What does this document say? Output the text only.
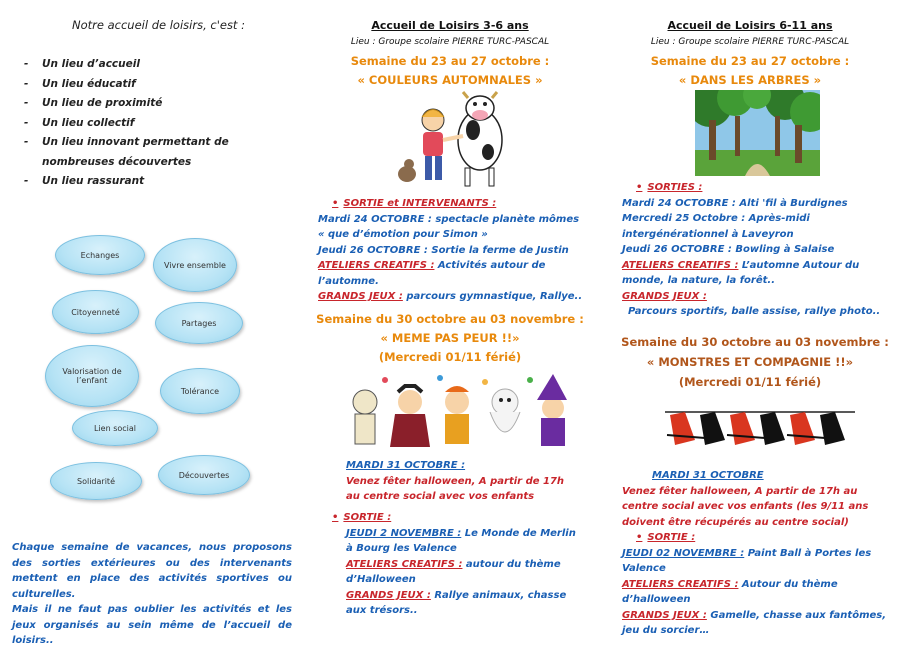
Notre accueil de loisirs, c'est :
- Un lieu d’accueil
- Un lieu éducatif
- Un lieu de proximité
- Un lieu collectif
- Un lieu innovant permettant de nombreuses découvertes
- Un lieu rassurant
Echanges
Vivre ensemble
Citoyenneté
Partages
Valorisation de l’enfant
Tolérance
Lien social
Solidarité
Découvertes
Chaque semaine de vacances, nous proposons des sorties extérieures ou des intervenants mettent en place des activités sportives ou culturelles.
Mais il ne faut pas oublier les activités et les jeux organisés au sein même de l’accueil de loisirs..
Accueil de Loisirs 3-6 ans
Lieu : Groupe scolaire PIERRE TURC-PASCAL
Semaine du 23 au 27 octobre :
« COULEURS AUTOMNALES »
• SORTIE et INTERVENANTS :
Mardi 24 OCTOBRE : spectacle planète mômes
« que d’émotion pour Simon »
Jeudi 26 OCTOBRE : Sortie la ferme de Justin
ATELIERS CREATIFS : Activités autour de l’automne.
GRANDS JEUX : parcours gymnastique, Rallye..
Semaine du 30 octobre au 03 novembre :
« MEME PAS PEUR !!»
(Mercredi 01/11 férié)
MARDI 31 OCTOBRE :
Venez fêter halloween, A partir de 17h au centre social avec vos enfants
• SORTIE :
JEUDI 2 NOVEMBRE : Le Monde de Merlin à Bourg les Valence
ATELIERS CREATIFS : autour du thème d’Halloween
GRANDS JEUX : Rallye animaux, chasse aux trésors..
Accueil de Loisirs 6-11 ans
Lieu : Groupe scolaire PIERRE TURC-PASCAL
Semaine du 23 au 27 octobre :
« DANS LES ARBRES »
• SORTIES :
Mardi 24 OCTOBRE : Alti 'fil à Burdignes
Mercredi 25 Octobre : Après-midi intergénérationnel à Laveyron
Jeudi 26 OCTOBRE : Bowling à Salaise
ATELIERS CREATIFS : L’automne Autour du monde, la nature, la forêt..
GRANDS JEUX :
Parcours sportifs, balle assise, rallye photo..
Semaine du 30 octobre au 03 novembre :
« MONSTRES ET COMPAGNIE !!»
(Mercredi 01/11 férié)
MARDI 31 OCTOBRE
Venez fêter halloween, A partir de 17h au centre social avec vos enfants (les 9/11 ans doivent être récupérés au centre social)
• SORTIE :
JEUDI 02 NOVEMBRE : Paint Ball à Portes les Valence
ATELIERS CREATIFS : Autour du thème d’halloween
GRANDS JEUX : Gamelle, chasse aux fantômes, jeu du sorcier…
